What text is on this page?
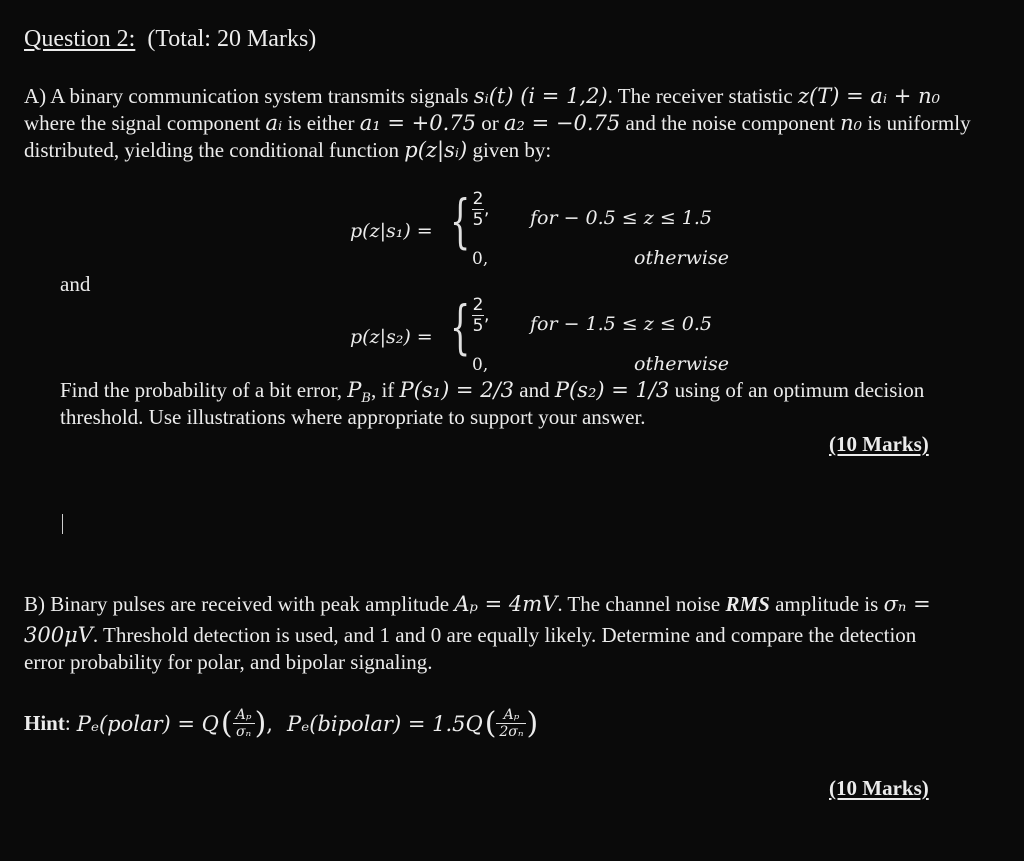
Question 2: (Total: 20 Marks)
A) A binary communication system transmits signals sᵢ(t) (i = 1,2). The receiver statistic z(T) = aᵢ + n₀
where the signal component aᵢ is either a₁ = +0.75 or a₂ = −0.75 and the noise component n₀ is uniformly
distributed, yielding the conditional function p(z|sᵢ) given by:
p(z|s₁) = { $\frac{2}{5}$ , for − 0.5 ≤ z ≤ 1.5
0,	otherwise
and
p(z|s₂) = { $\frac{2}{5}$ , for − 1.5 ≤ z ≤ 0.5
0,	otherwise
Find the probability of a bit error, $P_B$, if P(s₁) = 2/3 and P(s₂) = 1/3 using of an optimum decision
threshold. Use illustrations where appropriate to support your answer.
(10 Marks)
B) Binary pulses are received with peak amplitude Aₚ = 4mV. The channel noise RMS amplitude is σₙ =
300μV. Threshold detection is used, and 1 and 0 are equally likely. Determine and compare the detection
error probability for polar, and bipolar signaling.
Hint : Pₑ(polar) = Q ( $\frac{\text{Aₚ}}{\text{σₙ}}$ ) , Pₑ(bipolar) = 1.5Q ( $\frac{\text{Aₚ}}{\text{2σₙ}}$ )
(10 Marks)
